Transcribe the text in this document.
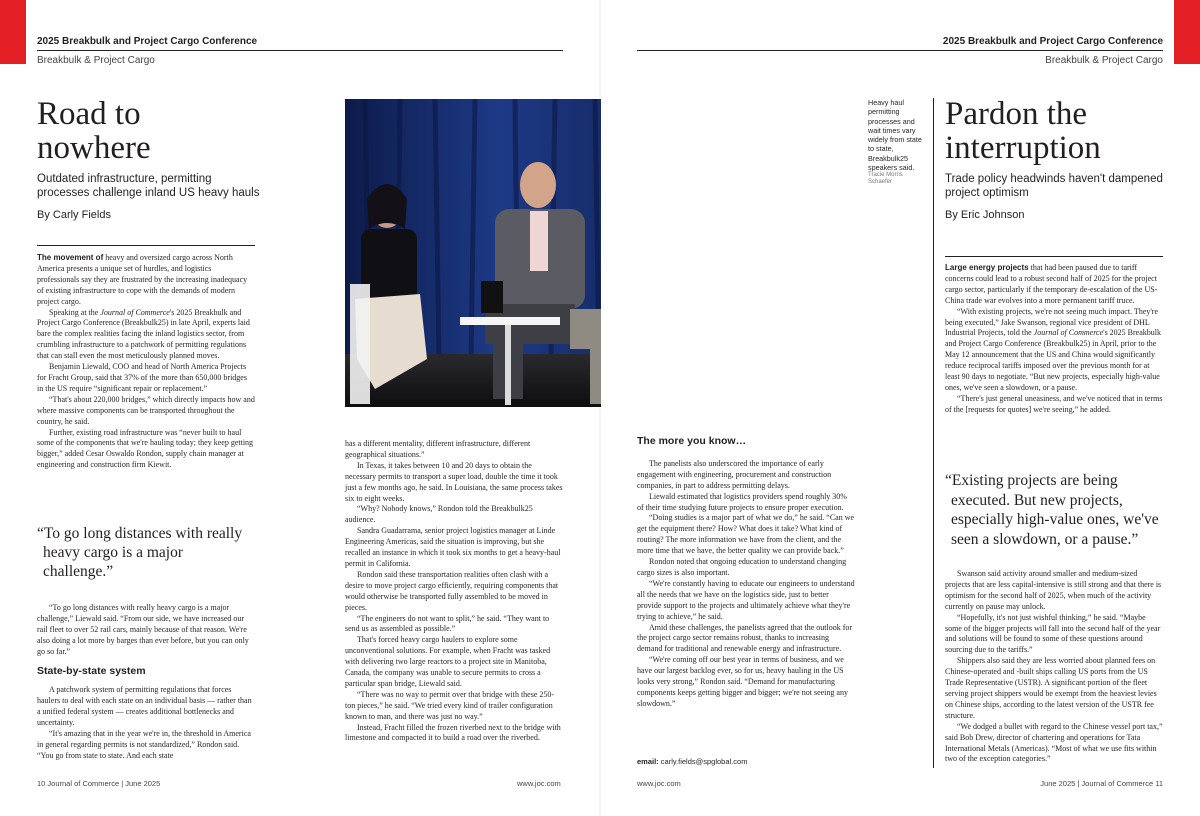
2025 Breakbulk and Project Cargo Conference
Breakbulk & Project Cargo
Road to nowhere
Outdated infrastructure, permitting processes challenge inland US heavy hauls
By Carly Fields

The movement of heavy and oversized cargo across North America presents a unique set of hurdles, and logistics professionals say they are frustrated by the increasing inadequacy of existing infrastructure to cope with the demands of modern project cargo.

Speaking at the Journal of Commerce's 2025 Breakbulk and Project Cargo Conference (Breakbulk25) in late April, experts laid bare the complex realities facing the inland logistics sector, from crumbling infrastructure to a patchwork of permitting regulations that can stall even the most meticulously planned moves.

Benjamin Liewald, COO and head of North America Projects for Fracht Group, said that 37% of the more than 650,000 bridges in the US require “significant repair or replacement.”

“That's about 220,000 bridges,” which directly impacts how and where massive components can be transported throughout the country, he said.

Further, existing road infrastructure was “never built to haul some of the components that we're hauling today; they keep getting bigger,” added Cesar Oswaldo Rondon, supply chain manager at engineering and construction firm Kiewit.

“To go long distances with really heavy cargo is a major challenge.”

“To go long distances with really heavy cargo is a major challenge,” Liewald said. “From our side, we have increased our rail fleet to over 52 rail cars, mainly because of that reason. We're also doing a lot more by barges than ever before, but you can only go so far.”

State-by-state system

A patchwork system of permitting regulations that forces haulers to deal with each state on an individual basis — rather than a unified federal system — creates additional bottlenecks and uncertainty.

“It's amazing that in the year we're in, the threshold in America in general regarding permits is not standardized,” Rondon said. “You go from state to state. And each state

has a different mentality, different infrastructure, different geographical situations.”

In Texas, it takes between 10 and 20 days to obtain the necessary permits to transport a super load, double the time it took just a few months ago, he said. In Louisiana, the same process takes six to eight weeks.

“Why? Nobody knows,” Rondon told the Breakbulk25 audience.

Sandra Guadarrama, senior project logistics manager at Linde Engineering Americas, said the situation is improving, but she recalled an instance in which it took six months to get a heavy-haul permit in California.

Rondon said these transportation realities often clash with a desire to move project cargo efficiently, requiring components that would otherwise be transported fully assembled to be moved in pieces.

“The engineers do not want to split,” he said. “They want to send us as assembled as possible.”

That's forced heavy cargo haulers to explore some unconventional solutions. For example, when Fracht was tasked with delivering two large reactors to a project site in Manitoba, Canada, the company was unable to secure permits to cross a particular span bridge, Liewald said.

“There was no way to permit over that bridge with these 250-ton pieces,” he said. “We tried every kind of trailer configuration known to man, and there was just no way.”

Instead, Fracht filled the frozen riverbed next to the bridge with limestone and compacted it to build a road over the riverbed.

10 Journal of Commerce | June 2025	www.joc.com
2025 Breakbulk and Project Cargo Conference
Breakbulk & Project Cargo
Heavy haul permitting processes and wait times vary widely from state to state, Breakbulk25 speakers said.
Tracie Morris Schaefer
Pardon the interruption
Trade policy headwinds haven't dampened project optimism
By Eric Johnson

Large energy projects that had been paused due to tariff concerns could lead to a robust second half of 2025 for the project cargo sector, particularly if the temporary de-escalation of the US-China trade war evolves into a more permanent tariff truce.

“With existing projects, we're not seeing much impact. They're being executed,” Jake Swanson, regional vice president of DHL Industrial Projects, told the Journal of Commerce's 2025 Breakbulk and Project Cargo Conference (Breakbulk25) in April, prior to the May 12 announcement that the US and China would significantly reduce reciprocal tariffs imposed over the previous month for at least 90 days to negotiate. “But new projects, especially high-value ones, we've seen a slowdown, or a pause.

“There's just general uneasiness, and we've noticed that in terms of the [requests for quotes] we're seeing,” he added.

“Existing projects are being executed. But new projects, especially high-value ones, we've seen a slowdown, or a pause.”

Swanson said activity around smaller and medium-sized projects that are less capital-intensive is still strong and that there is optimism for the second half of 2025, when much of the activity currently on pause may unlock.

“Hopefully, it's not just wishful thinking,” he said. “Maybe some of the bigger projects will fall into the second half of the year and solutions will be found to some of these questions around sourcing due to the tariffs.”

Shippers also said they are less worried about planned fees on Chinese-operated and -built ships calling US ports from the US Trade Representative (USTR). A significant portion of the fleet serving project shippers would be exempt from the heaviest levies on Chinese ships, according to the latest version of the USTR fee structure.

“We dodged a bullet with regard to the Chinese vessel port tax,” said Bob Drew, director of chartering and operations for Tata International Metals (Americas). “Most of what we use fits within two of the exception categories.”

The more you know…

The panelists also underscored the importance of early engagement with engineering, procurement and construction companies, in part to address permitting delays.

Liewald estimated that logistics providers spend roughly 30% of their time studying future projects to ensure proper execution.

“Doing studies is a major part of what we do,” he said. “Can we get the equipment there? How? What does it take? What kind of routing? The more information we have from the client, and the more time that we have, the better quality we can provide back.”

Rondon noted that ongoing education to understand changing cargo sizes is also important.

“We're constantly having to educate our engineers to understand all the needs that we have on the logistics side, just to better provide support to the projects and ultimately achieve what they're trying to achieve,” he said.

Amid these challenges, the panelists agreed that the outlook for the project cargo sector remains robust, thanks to increasing demand for traditional and renewable energy and infrastructure.

“We're coming off our best year in terms of business, and we have our largest backlog ever, so for us, heavy hauling in the US looks very strong,” Rondon said. “Demand for manufacturing components keeps getting bigger and bigger; we're not seeing any slowdown.”

email: carly.fields@spglobal.com
www.joc.com	June 2025 | Journal of Commerce 11
